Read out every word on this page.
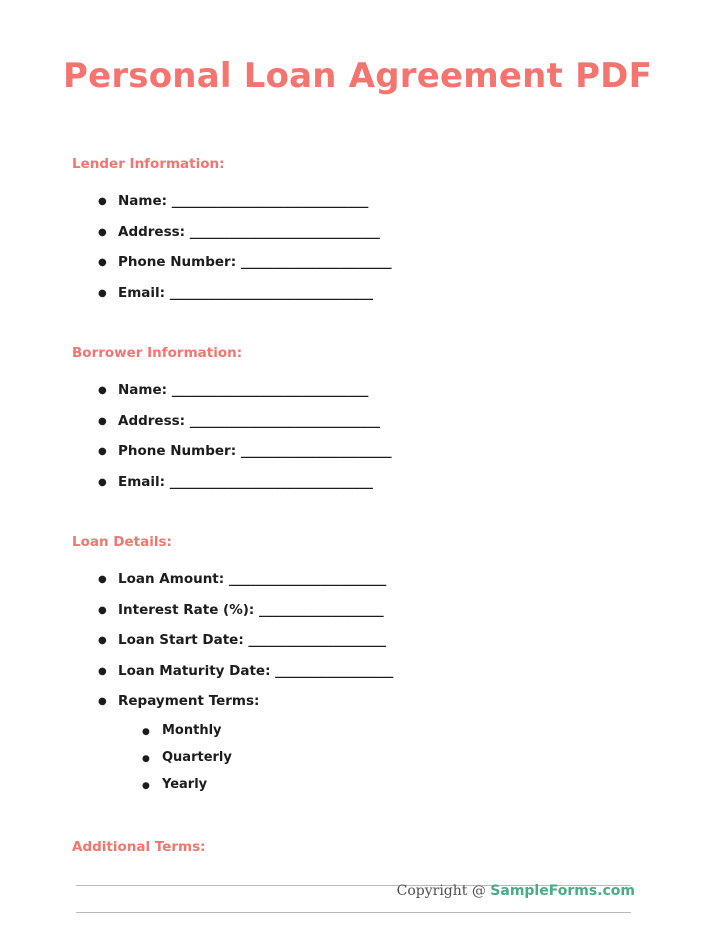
Personal Loan Agreement PDF
Lender Information:
● Name: ______________________________
● Address: _____________________________
● Phone Number: _______________________
● Email: _______________________________
Borrower Information:
● Name: ______________________________
● Address: _____________________________
● Phone Number: _______________________
● Email: _______________________________
Loan Details:
● Loan Amount: ________________________
● Interest Rate (%): ___________________
● Loan Start Date: _____________________
● Loan Maturity Date: __________________
● Repayment Terms:
● Monthly
● Quarterly
● Yearly
Additional Terms:
Copyright @ SampleForms.com
